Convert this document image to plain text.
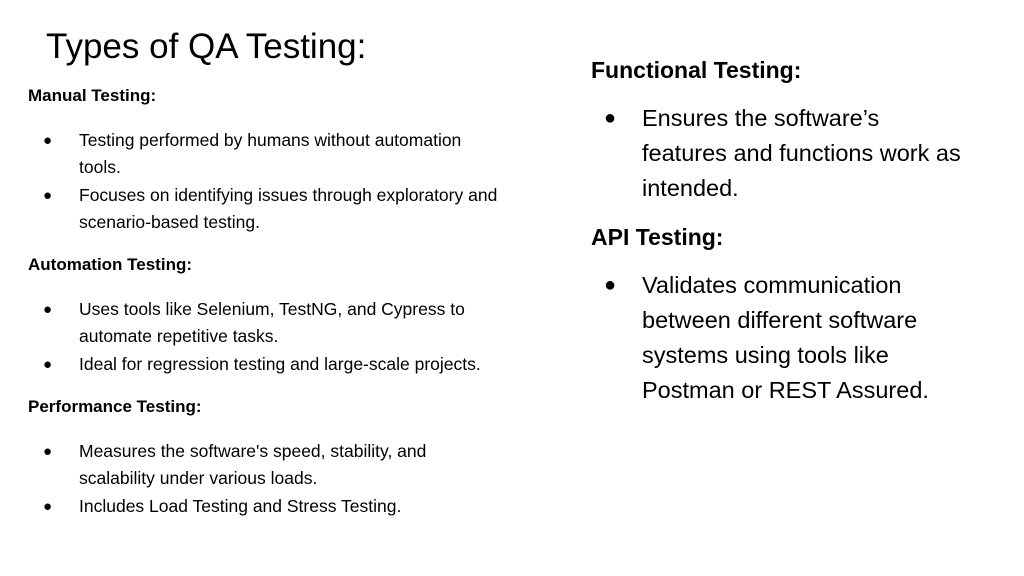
Types of QA Testing:

Manual Testing:

● Testing performed by humans without automation tools.
● Focuses on identifying issues through exploratory and scenario-based testing.

Automation Testing:

● Uses tools like Selenium, TestNG, and Cypress to automate repetitive tasks.
● Ideal for regression testing and large-scale projects.

Performance Testing:

● Measures the software's speed, stability, and scalability under various loads.
● Includes Load Testing and Stress Testing.

Functional Testing:

● Ensures the software’s features and functions work as intended.

API Testing:

● Validates communication between different software systems using tools like Postman or REST Assured.
